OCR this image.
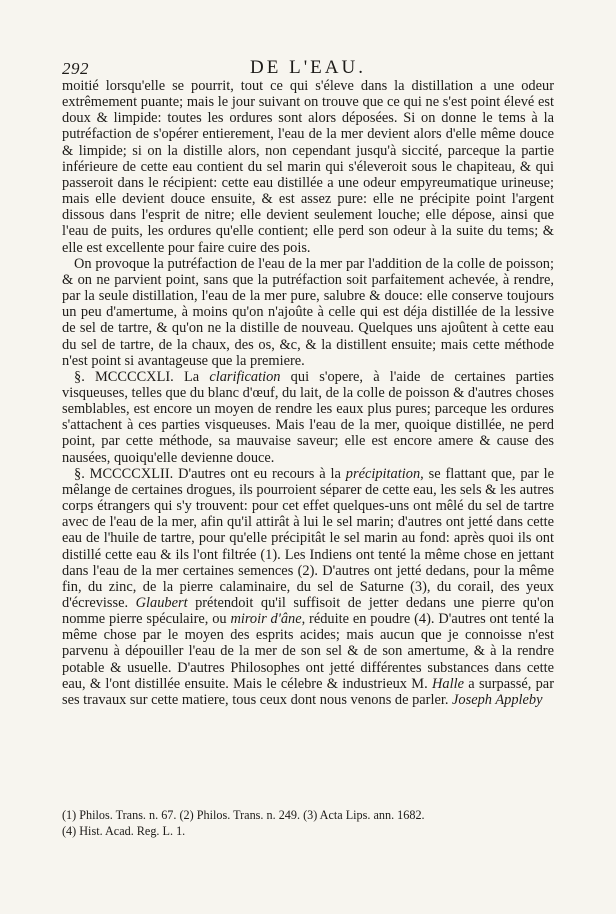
292	DE L'EAU.

moitié lorsqu'elle se pourrit, tout ce qui s'éleve dans la distillation a une odeur extrêmement puante; mais le jour suivant on trouve que ce qui ne s'est point élevé est doux & limpide: toutes les ordures sont alors déposées. Si on donne le tems à la putréfaction de s'opérer entierement, l'eau de la mer devient alors d'elle même douce & limpide; si on la distille alors, non cependant jusqu'à siccité, parceque la partie inférieure de cette eau contient du sel marin qui s'éleveroit sous le chapiteau, & qui passeroit dans le récipient: cette eau distillée a une odeur empyreumatique urineuse; mais elle devient douce ensuite, & est assez pure: elle ne précipite point l'argent dissous dans l'esprit de nitre; elle devient seulement louche; elle dépose, ainsi que l'eau de puits, les ordures qu'elle contient; elle perd son odeur à la suite du tems; & elle est excellente pour faire cuire des pois.

On provoque la putréfaction de l'eau de la mer par l'addition de la colle de poisson; & on ne parvient point, sans que la putréfaction soit parfaitement achevée, à rendre, par la seule distillation, l'eau de la mer pure, salubre & douce: elle conserve toujours un peu d'amertume, à moins qu'on n'ajoûte à celle qui est déja distillée de la lessive de sel de tartre, & qu'on ne la distille de nouveau. Quelques uns ajoûtent à cette eau du sel de tartre, de la chaux, des os, &c, & la distillent ensuite; mais cette méthode n'est point si avantageuse que la premiere.

§. MCCCCXLI. La clarification qui s'opere, à l'aide de certaines parties visqueuses, telles que du blanc d'œuf, du lait, de la colle de poisson & d'autres choses semblables, est encore un moyen de rendre les eaux plus pures; parceque les ordures s'attachent à ces parties visqueuses. Mais l'eau de la mer, quoique distillée, ne perd point, par cette méthode, sa mauvaise saveur; elle est encore amere & cause des nausées, quoiqu'elle devienne douce.

§. MCCCCXLII. D'autres ont eu recours à la précipitation, se flattant que, par le mêlange de certaines drogues, ils pourroient séparer de cette eau, les sels & les autres corps étrangers qui s'y trouvent: pour cet effet quelques-uns ont mêlé du sel de tartre avec de l'eau de la mer, afin qu'il attirât à lui le sel marin; d'autres ont jetté dans cette eau de l'huile de tartre, pour qu'elle précipitât le sel marin au fond: après quoi ils ont distillé cette eau & ils l'ont filtrée (1). Les Indiens ont tenté la même chose en jettant dans l'eau de la mer certaines semences (2). D'autres ont jetté dedans, pour la même fin, du zinc, de la pierre calaminaire, du sel de Saturne (3), du corail, des yeux d'écrevisse. Glaubert prétendoit qu'il suffisoit de jetter dedans une pierre qu'on nomme pierre spéculaire, ou miroir d'âne, réduite en poudre (4). D'autres ont tenté la même chose par le moyen des esprits acides; mais aucun que je connoisse n'est parvenu à dépouiller l'eau de la mer de son sel & de son amertume, & à la rendre potable & usuelle. D'autres Philosophes ont jetté différentes substances dans cette eau, & l'ont distillée ensuite. Mais le célebre & industrieux M. Halle a surpassé, par ses travaux sur cette matiere, tous ceux dont nous venons de parler. Joseph Appleby

(1) Philos. Trans. n. 67. (2) Philos. Trans. n. 249. (3) Acta Lips. ann. 1682.
(4) Hist. Acad. Reg. L. 1.
